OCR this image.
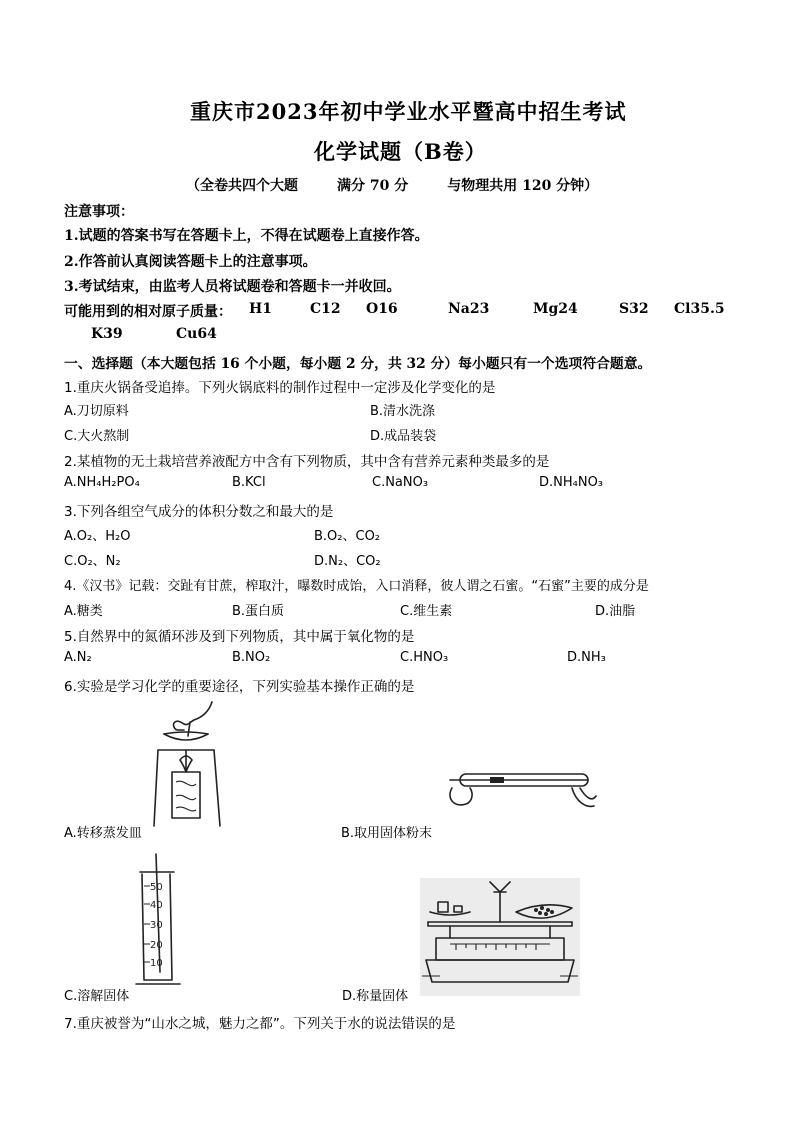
重庆市2023年初中学业水平暨高中招生考试
化学试题（B卷）
（全卷共四个大题        满分 70 分        与物理共用 120 分钟）
注意事项：
1.试题的答案书写在答题卡上，不得在试题卷上直接作答。
2.作答前认真阅读答题卡上的注意事项。
3.考试结束，由监考人员将试题卷和答题卡一并收回。
可能用到的相对原子质量： H1	C12 O16	Na23	Mg24	S32 Cl35.5
K39	Cu64
一、选择题（本大题包括 16 个小题，每小题 2 分，共 32 分）每小题只有一个选项符合题意。
1.重庆火锅备受追捧。下列火锅底料的制作过程中一定涉及化学变化的是
A.刀切原料	B.清水洗涤
C.大火熬制	D.成品装袋
2.某植物的无土栽培营养液配方中含有下列物质，其中含有营养元素种类最多的是
A.NH₄H₂PO₄	B.KCl	C.NaNO₃	D.NH₄NO₃
3.下列各组空气成分的体积分数之和最大的是
A.O₂、H₂O	B.O₂、CO₂
C.O₂、N₂	D.N₂、CO₂
4.《汉书》记载：交趾有甘蔗，榨取汁，曝数时成饴，入口消释，彼人谓之石蜜。“石蜜”主要的成分是
A.糖类	B.蛋白质	C.维生素	D.油脂
5.自然界中的氮循环涉及到下列物质，其中属于氧化物的是
A.N₂	B.NO₂	C.HNO₃	D.NH₃
6.实验是学习化学的重要途径，下列实验基本操作正确的是
A.转移蒸发皿	B.取用固体粉末
50
40
30
20
10
C.溶解固体	D.称量固体
7.重庆被誉为“山水之城，魅力之都”。下列关于水的说法错误的是
